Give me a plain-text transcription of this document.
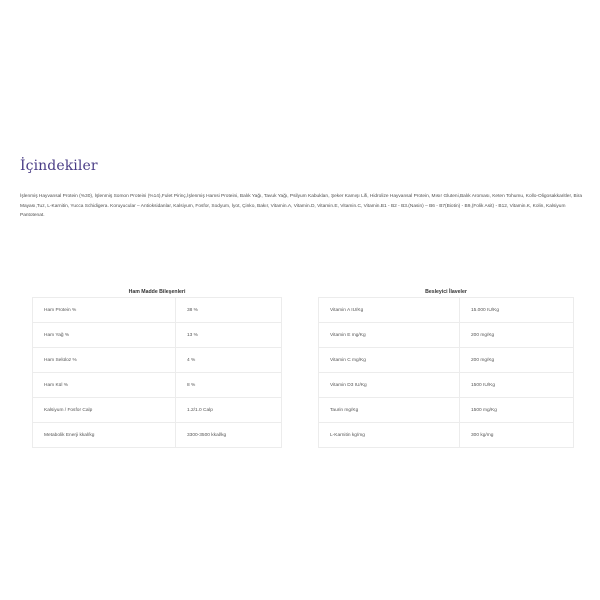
İçindekiler
İşlenmiş Hayvansal Protein (%30), İşlenmiş Somon Proteini (%14),Fulet Pirinç,İşlenmiş Hamsi Proteini, Balık Yağı, Tavuk Yağı, Psilyum Kabukları, Şeker Kamışı Lifi, Hidrolize Hayvansal Protein, Mısır Gluteni,Balık Aroması, Keten Tohumu, Kollo-Oligosakkaritler, Bira Mayası,Tuz, L-Karnitin, Yucca Schidigera. Koruyucular – Antioksidanlar, Kalsiyum, Fosfor, Sodyum, İyot, Çinko, Bakır, Vitamin.A, Vitamin.D, Vitamin.E, Vitamin.C, Vitamin.B1 - B2 - B3.(Nasin) – B6 - B7(Biotin) - B9,(Folik Asit) - B12, Vitamin.K, Kolin, Kalsiyum Pantotenat.
Ham Madde Bileşenleri
Ham Protein %	38 %
Ham Yağ %	13 %
Ham Selüloz %	4 %
Ham Kül %	8 %
Kalsiyum / Fosfor Calp	1.2/1.0 Calp
Metabolik Enerji kkal/kg	3300-3500 kkal/kg
Besleyici İlaveler
Vitamin A IU/Kg	15.000 IU/Kg
Vitamin E mg/Kg	200 mg/Kg
Vitamin C mg/Kg	200 mg/Kg
Vitamin D3 IU/Kg	1500 IU/Kg
Taurin mg/Kg	1500 mg/Kg
L-Karnitin kg/mg	300 kg/mg
